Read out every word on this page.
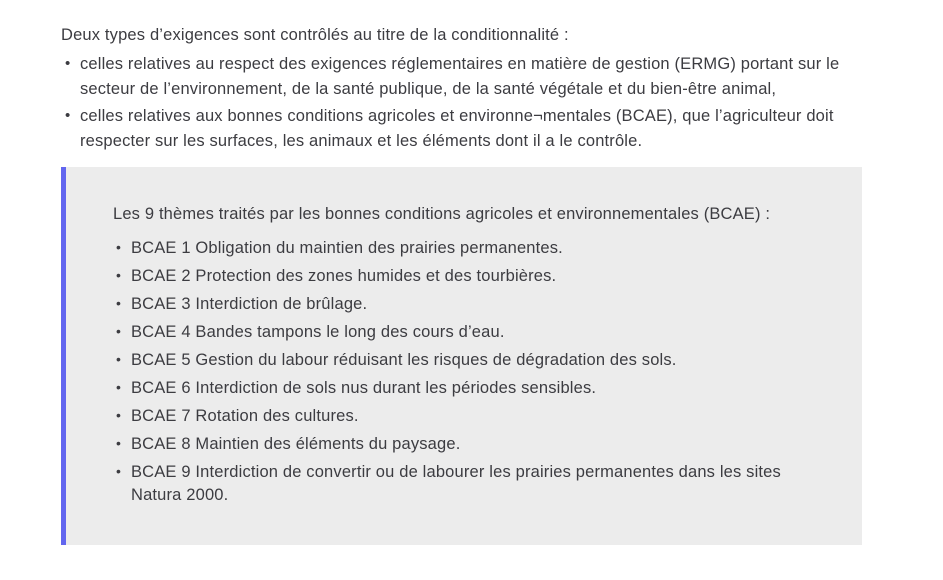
Deux types d’exigences sont contrôlés au titre de la conditionnalité :

• celles relatives au respect des exigences réglementaires en matière de gestion (ERMG) portant sur le secteur de l’environnement, de la santé publique, de la santé végétale et du bien-être animal,
• celles relatives aux bonnes conditions agricoles et environne¬mentales (BCAE), que l’agriculteur doit respecter sur les surfaces, les animaux et les éléments dont il a le contrôle.

Les 9 thèmes traités par les bonnes conditions agricoles et environnementales (BCAE) :

• BCAE 1 Obligation du maintien des prairies permanentes.
• BCAE 2 Protection des zones humides et des tourbières.
• BCAE 3 Interdiction de brûlage.
• BCAE 4 Bandes tampons le long des cours d’eau.
• BCAE 5 Gestion du labour réduisant les risques de dégradation des sols.
• BCAE 6 Interdiction de sols nus durant les périodes sensibles.
• BCAE 7 Rotation des cultures.
• BCAE 8 Maintien des éléments du paysage.
• BCAE 9 Interdiction de convertir ou de labourer les prairies permanentes dans les sites Natura 2000.
